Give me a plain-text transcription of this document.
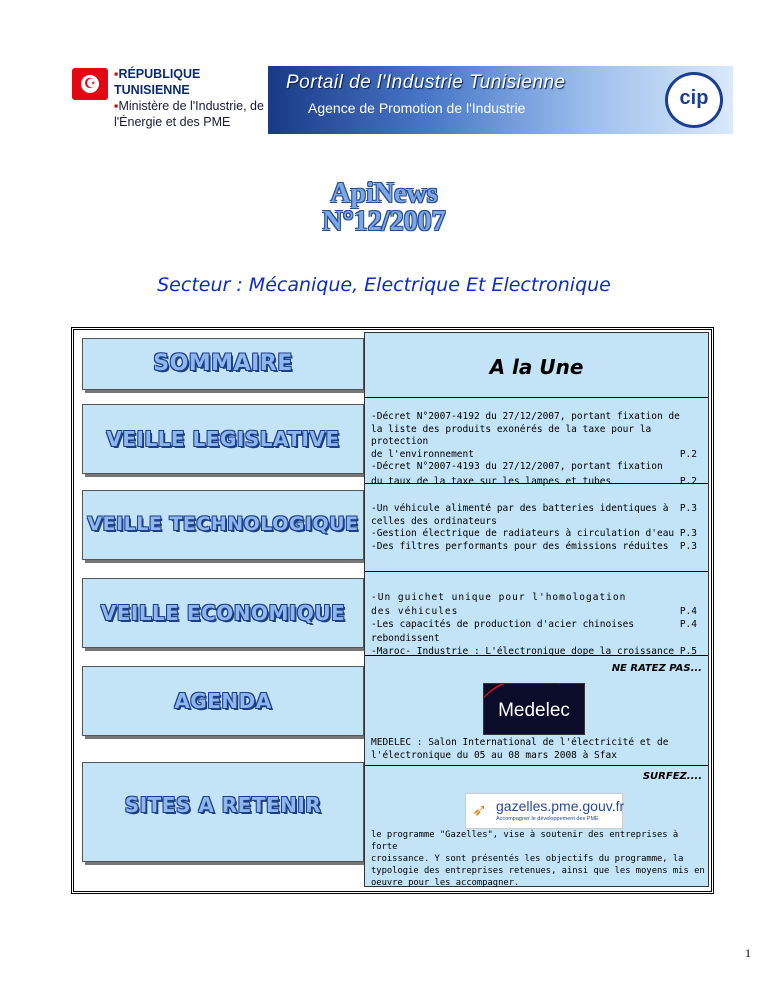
☪
▪RÉPUBLIQUE TUNISIENNE
▪Ministère de l'Industrie, de
l'Énergie et des PME
Portail de l'Industrie Tunisienne
Agence de Promotion de l'Industrie	cip
ApiNews
N°12/2007
Secteur : Mécanique, Electrique Et Electronique
SOMMAIRE
VEILLE LEGISLATIVE
VEILLE TECHNOLOGIQUE
VEILLE ECONOMIQUE
AGENDA
SITES A RETENIR
A la Une
-Décret N°2007-4192 du 27/12/2007, portant fixation de
la liste des produits exonérés de la taxe pour la protection
de l'environnement	P.2
-Décret N°2007-4193 du 27/12/2007, portant fixation
du taux de la taxe sur les lampes et tubes	P.2
-Un véhicule alimenté par des batteries identiques à P.3
celles des ordinateurs
-Gestion électrique de radiateurs à circulation d'eau P.3
-Des filtres performants pour des émissions réduites P.3
-Un guichet unique pour l'homologation
des véhicules	P.4
-Les capacités de production d'acier chinoises rebondissent
P.4
-Maroc- Industrie : L'électronique dope la croissance P.5
NE RATEZ PAS...
Medelec
MEDELEC : Salon International de l'électricité et de
l'électronique du 05 au 08 mars 2008 à Sfax
SURFEZ....
➶ gazelles.pme.gouv.fr
Accompagner le développement des PME
le programme "Gazelles", vise à soutenir des entreprises à forte
croissance. Y sont présentés les objectifs du programme, la
typologie des entreprises retenues, ainsi que les moyens mis en
oeuvre pour les accompagner.
1
